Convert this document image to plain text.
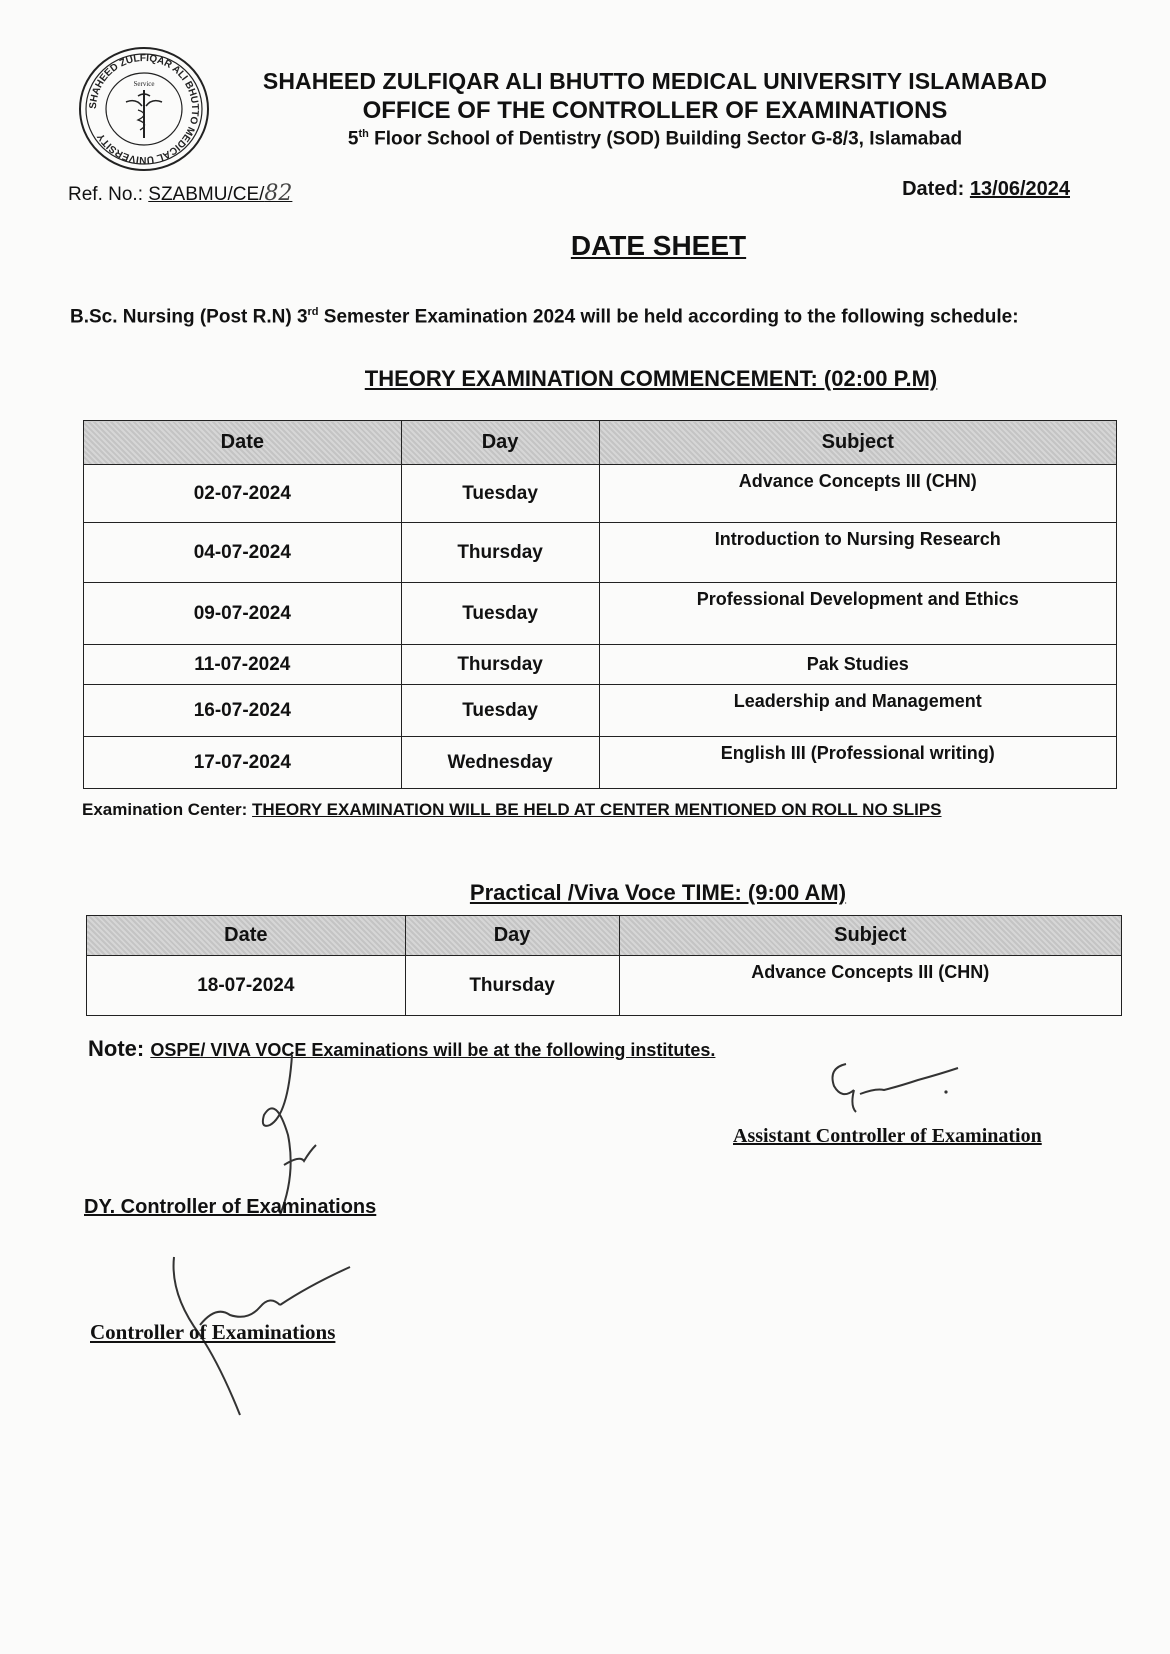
SHAHEED ZULFIQAR ALI BHUTTO MEDICAL UNIVERSITY
Service	SHAHEED ZULFIQAR ALI BHUTTO MEDICAL UNIVERSITY ISLAMABAD
OFFICE OF THE CONTROLLER OF EXAMINATIONS
5th Floor School of Dentistry (SOD) Building Sector G-8/3, Islamabad
Ref. No.: SZABMU/CE/82	Dated: 13/06/2024
DATE SHEET
B.Sc. Nursing (Post R.N) 3rd Semester Examination 2024 will be held according to the following schedule:
THEORY EXAMINATION COMMENCEMENT: (02:00 P.M)
Date	Day	Subject
02-07-2024	Tuesday	Advance Concepts III (CHN)
04-07-2024	Thursday	Introduction to Nursing Research
09-07-2024	Tuesday	Professional Development and Ethics
11-07-2024	Thursday	Pak Studies
16-07-2024	Tuesday	Leadership and Management
17-07-2024	Wednesday	English III (Professional writing)
Examination Center: THEORY EXAMINATION WILL BE HELD AT CENTER MENTIONED ON ROLL NO SLIPS
Practical /Viva Voce TIME: (9:00 AM)
Date	Day	Subject
18-07-2024	Thursday	Advance Concepts III (CHN)
Note: OSPE/ VIVA VOCE Examinations will be at the following institutes.
Assistant Controller of Examination
DY. Controller of Examinations
Controller of Examinations
